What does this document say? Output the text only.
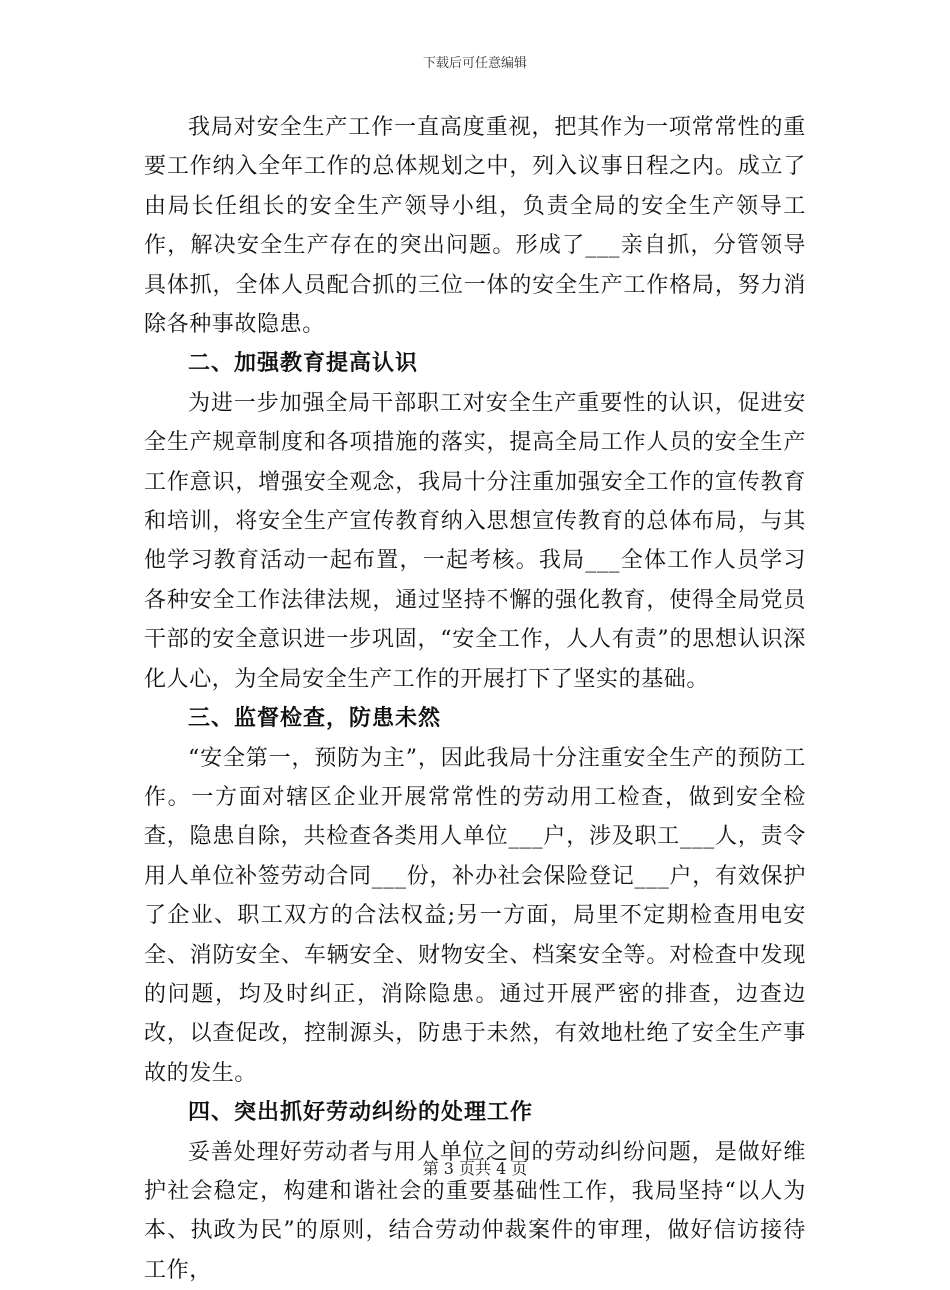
下载后可任意编辑

我局对安全生产工作一直高度重视，把其作为一项常常性的重要工作纳入全年工作的总体规划之中，列入议事日程之内。成立了由局长任组长的安全生产领导小组，负责全局的安全生产领导工作，解决安全生产存在的突出问题。形成了___亲自抓，分管领导具体抓，全体人员配合抓的三位一体的安全生产工作格局，努力消除各种事故隐患。

二、加强教育提高认识

为进一步加强全局干部职工对安全生产重要性的认识，促进安全生产规章制度和各项措施的落实，提高全局工作人员的安全生产工作意识，增强安全观念，我局十分注重加强安全工作的宣传教育和培训，将安全生产宣传教育纳入思想宣传教育的总体布局，与其他学习教育活动一起布置，一起考核。我局___全体工作人员学习各种安全工作法律法规，通过坚持不懈的强化教育，使得全局党员干部的安全意识进一步巩固，“安全工作，人人有责”的思想认识深化人心，为全局安全生产工作的开展打下了坚实的基础。

三、监督检查，防患未然

“安全第一，预防为主”，因此我局十分注重安全生产的预防工作。一方面对辖区企业开展常常性的劳动用工检查，做到安全检查，隐患自除，共检查各类用人单位___户，涉及职工___人，责令用人单位补签劳动合同___份，补办社会保险登记___户，有效保护了企业、职工双方的合法权益;另一方面，局里不定期检查用电安全、消防安全、车辆安全、财物安全、档案安全等。对检查中发现的问题，均及时纠正，消除隐患。通过开展严密的排查，边查边改，以查促改，控制源头，防患于未然，有效地杜绝了安全生产事故的发生。

四、突出抓好劳动纠纷的处理工作

妥善处理好劳动者与用人单位之间的劳动纠纷问题，是做好维护社会稳定，构建和谐社会的重要基础性工作，我局坚持“以人为本、执政为民”的原则，结合劳动仲裁案件的审理，做好信访接待工作，

第 3 页共 4 页
